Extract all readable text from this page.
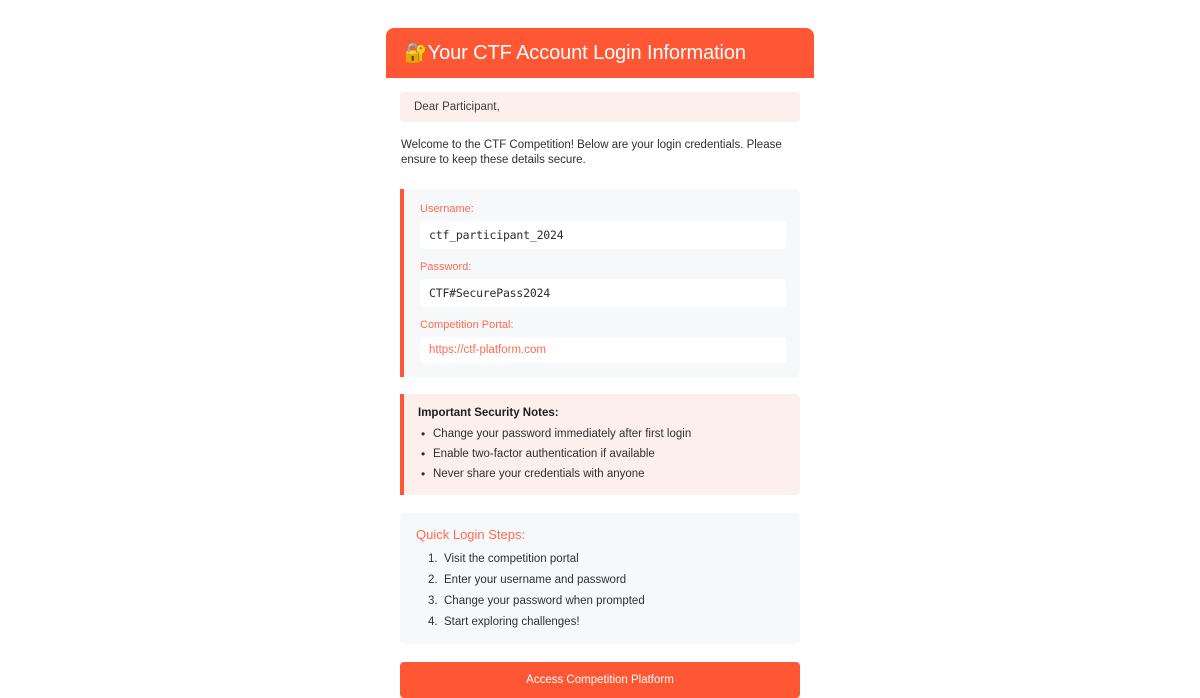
🔐 Your CTF Account Login Information
Dear Participant,
Welcome to the CTF Competition! Below are your login credentials. Please ensure to keep these details secure.
Username:
ctf_participant_2024
Password:
CTF#SecurePass2024
Competition Portal:
https://ctf-platform.com
Important Security Notes:
• Change your password immediately after first login
• Enable two-factor authentication if available
• Never share your credentials with anyone
Quick Login Steps:
Visit the competition portal
Enter your username and password
Change your password when prompted
Start exploring challenges!
Access Competition Platform
